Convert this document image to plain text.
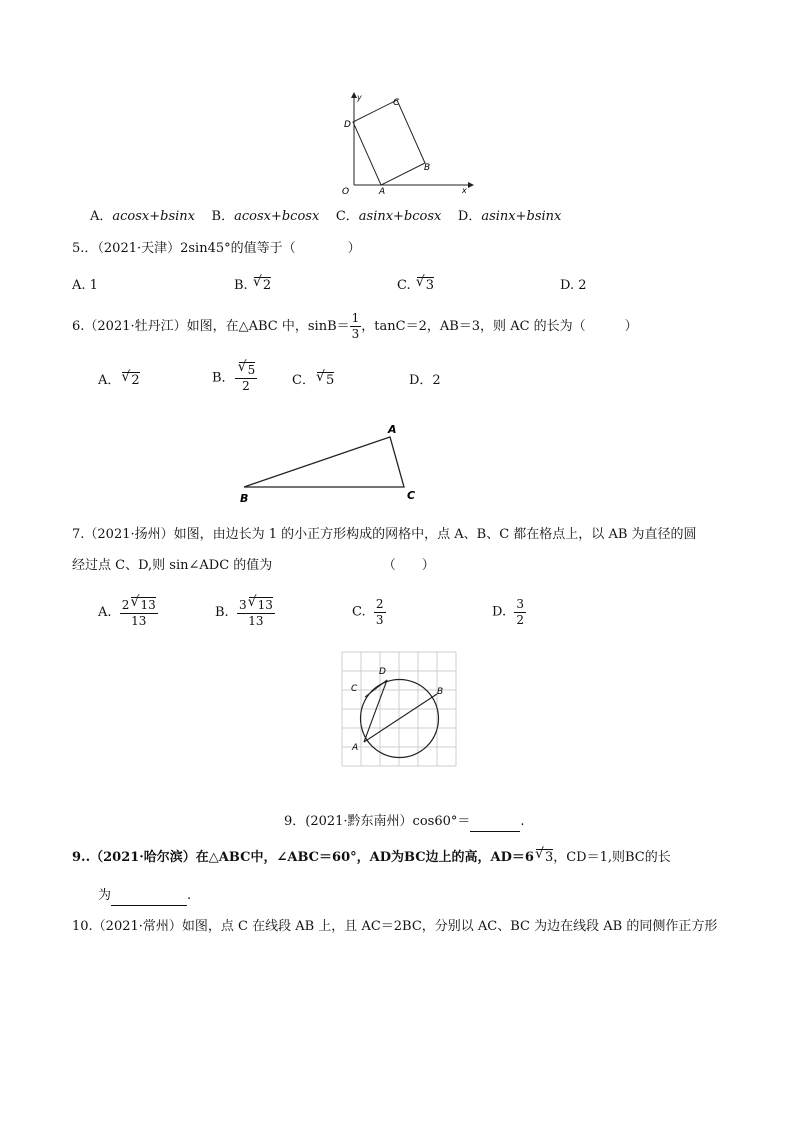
y
x
O	A
B
C
D
A．acosx+bsinx B．acosx+bcosx C．asinx+bcosx D．asinx+bsinx
5.．（2021·天津）2sin45°的值等于（　　　　）
A. 1	B. √ 2	C. √ 3	D. 2
6.（2021·牡丹江）如图，在△ABC 中，$\sin B= \frac{1}{3}$ ，tanC＝2，AB＝3，则 AC 的长为（　　　）
A． √ 2	B． √ $\frac{5}{2}$	C． √ 5	D．2
B	C
A
7.（2021·扬州）如图，由边长为 1 的小正方形构成的网格中，点 A、B、C 都在格点上，以 AB 为直径的圆
经过点 C、D,则 sin∠ADC 的值为　　　　　　　　　（　　）
A. $\frac{2 √ 13}{13}$	B. $\frac{3 √ 13}{13}$	C. $\frac{2}{3}$	D. $\frac{3}{2}$
C
D
B
A
9．(2021·黔东南州）cos60°＝	.
9..（2021·哈尔滨）在△ABC中，∠ABC＝60°，AD为BC边上的高，AD＝6 √ 3，CD＝1,则BC的长
为	.
10.（2021·常州）如图，点 C 在线段 AB 上，且 AC＝2BC，分别以 AC、BC 为边在线段 AB 的同侧作正方形
